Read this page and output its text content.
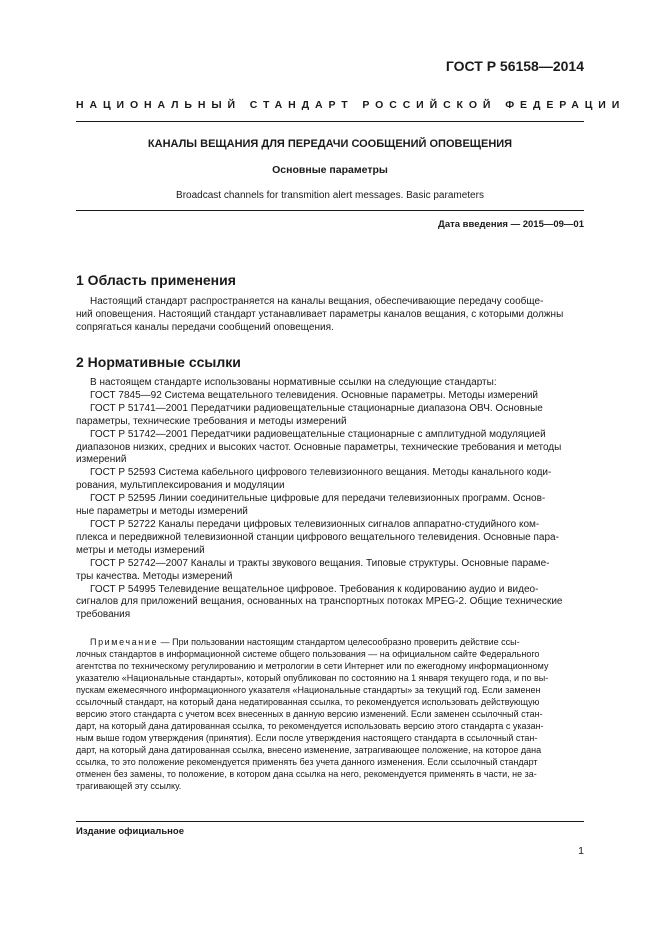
ГОСТ Р 56158—2014
НАЦИОНАЛЬНЫЙ СТАНДАРТ РОССИЙСКОЙ ФЕДЕРАЦИИ
КАНАЛЫ ВЕЩАНИЯ ДЛЯ ПЕРЕДАЧИ СООБЩЕНИЙ ОПОВЕЩЕНИЯ
Основные параметры
Broadcast channels for transmition alert messages. Basic parameters
Дата введения — 2015—09—01
1 Область применения
Настоящий стандарт распространяется на каналы вещания, обеспечивающие передачу сообще-
ний оповещения. Настоящий стандарт устанавливает параметры каналов вещания, с которыми должны
сопрягаться каналы передачи сообщений оповещения.
2 Нормативные ссылки
В настоящем стандарте использованы нормативные ссылки на следующие стандарты:
ГОСТ 7845—92 Система вещательного телевидения. Основные параметры. Методы измерений
ГОСТ Р 51741—2001 Передатчики радиовещательные стационарные диапазона ОВЧ. Основные
параметры, технические требования и методы измерений
ГОСТ Р 51742—2001 Передатчики радиовещательные стационарные с амплитудной модуляцией
диапазонов низких, средних и высоких частот. Основные параметры, технические требования и методы
измерений
ГОСТ Р 52593 Система кабельного цифрового телевизионного вещания. Методы канального коди-
рования, мультиплексирования и модуляции
ГОСТ Р 52595 Линии соединительные цифровые для передачи телевизионных программ. Основ-
ные параметры и методы измерений
ГОСТ Р 52722 Каналы передачи цифровых телевизионных сигналов аппаратно-студийного ком-
плекса и передвижной телевизионной станции цифрового вещательного телевидения. Основные пара-
метры и методы измерений
ГОСТ Р 52742—2007 Каналы и тракты звукового вещания. Типовые структуры. Основные параме-
тры качества. Методы измерений
ГОСТ Р 54995 Телевидение вещательное цифровое. Требования к кодированию аудио и видео-
сигналов для приложений вещания, основанных на транспортных потоках MPEG-2. Общие технические
требования
Примечание — При пользовании настоящим стандартом целесообразно проверить действие ссы-
лочных стандартов в информационной системе общего пользования — на официальном сайте Федерального
агентства по техническому регулированию и метрологии в сети Интернет или по ежегодному информационному
указателю «Национальные стандарты», который опубликован по состоянию на 1 января текущего года, и по вы-
пускам ежемесячного информационного указателя «Национальные стандарты» за текущий год. Если заменен
ссылочный стандарт, на который дана недатированная ссылка, то рекомендуется использовать действующую
версию этого стандарта с учетом всех внесенных в данную версию изменений. Если заменен ссылочный стан-
дарт, на который дана датированная ссылка, то рекомендуется использовать версию этого стандарта с указан-
ным выше годом утверждения (принятия). Если после утверждения настоящего стандарта в ссылочный стан-
дарт, на который дана датированная ссылка, внесено изменение, затрагивающее положение, на которое дана
ссылка, то это положение рекомендуется применять без учета данного изменения. Если ссылочный стандарт
отменен без замены, то положение, в котором дана ссылка на него, рекомендуется применять в части, не за-
трагивающей эту ссылку.
Издание официальное
1
